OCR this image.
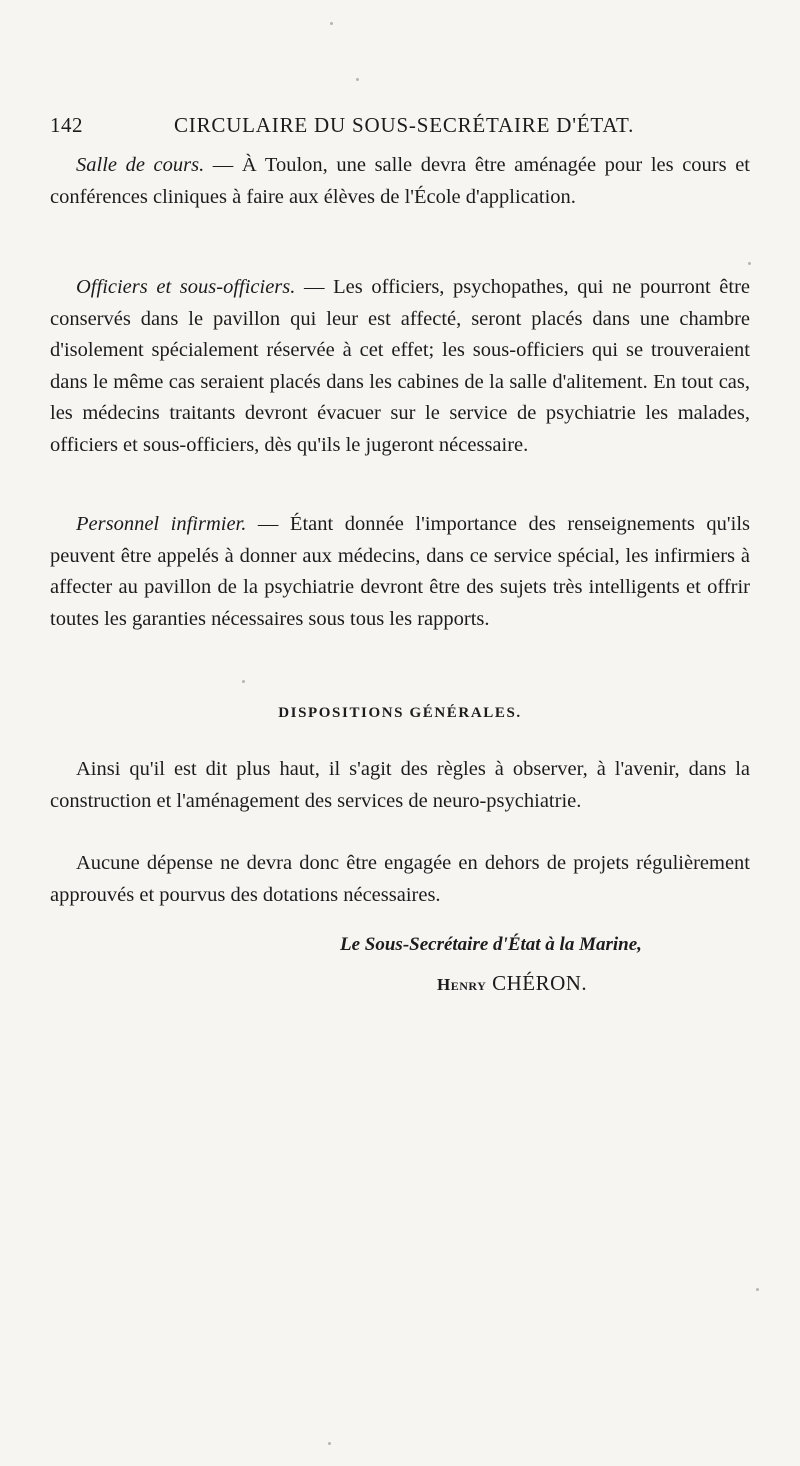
142	CIRCULAIRE DU SOUS-SECRÉTAIRE D'ÉTAT.

Salle de cours. — À Toulon, une salle devra être aménagée pour les cours et conférences cliniques à faire aux élèves de l'École d'application.

Officiers et sous-officiers. — Les officiers, psychopathes, qui ne pourront être conservés dans le pavillon qui leur est affecté, seront placés dans une chambre d'isolement spécialement réservée à cet effet; les sous-officiers qui se trouveraient dans le même cas seraient placés dans les cabines de la salle d'alitement. En tout cas, les médecins traitants devront évacuer sur le service de psychiatrie les malades, officiers et sous-officiers, dès qu'ils le jugeront nécessaire.

Personnel infirmier. — Étant donnée l'importance des renseignements qu'ils peuvent être appelés à donner aux médecins, dans ce service spécial, les infirmiers à affecter au pavillon de la psychiatrie devront être des sujets très intelligents et offrir toutes les garanties nécessaires sous tous les rapports.

DISPOSITIONS GÉNÉRALES.

Ainsi qu'il est dit plus haut, il s'agit des règles à observer, à l'avenir, dans la construction et l'aménagement des services de neuro-psychiatrie.

Aucune dépense ne devra donc être engagée en dehors de projets régulièrement approuvés et pourvus des dotations nécessaires.

Le Sous-Secrétaire d'État à la Marine,
Henry CHÉRON.
